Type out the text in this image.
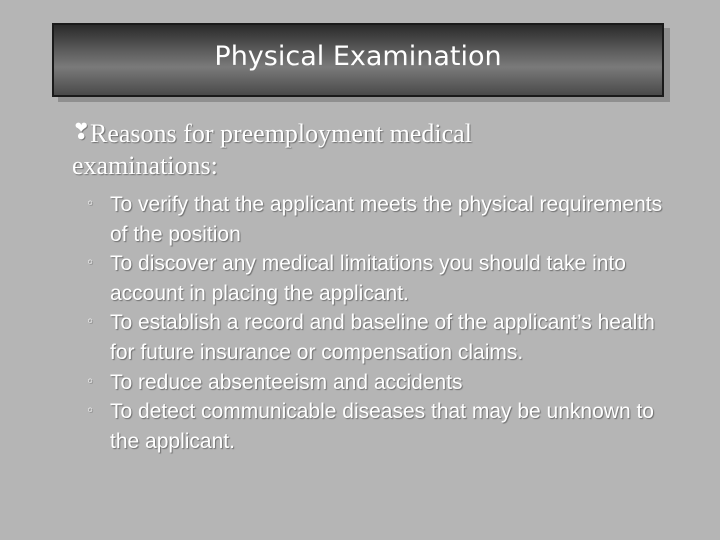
Physical Examination
❣ Reasons for preemployment medical examinations:
◦ To verify that the applicant meets the physical requirements of the position
◦ To discover any medical limitations you should take into account in placing the applicant.
◦ To establish a record and baseline of the applicant’s health for future insurance or compensation claims.
◦ To reduce absenteeism and accidents
◦ To detect communicable diseases that may be unknown to the applicant.
